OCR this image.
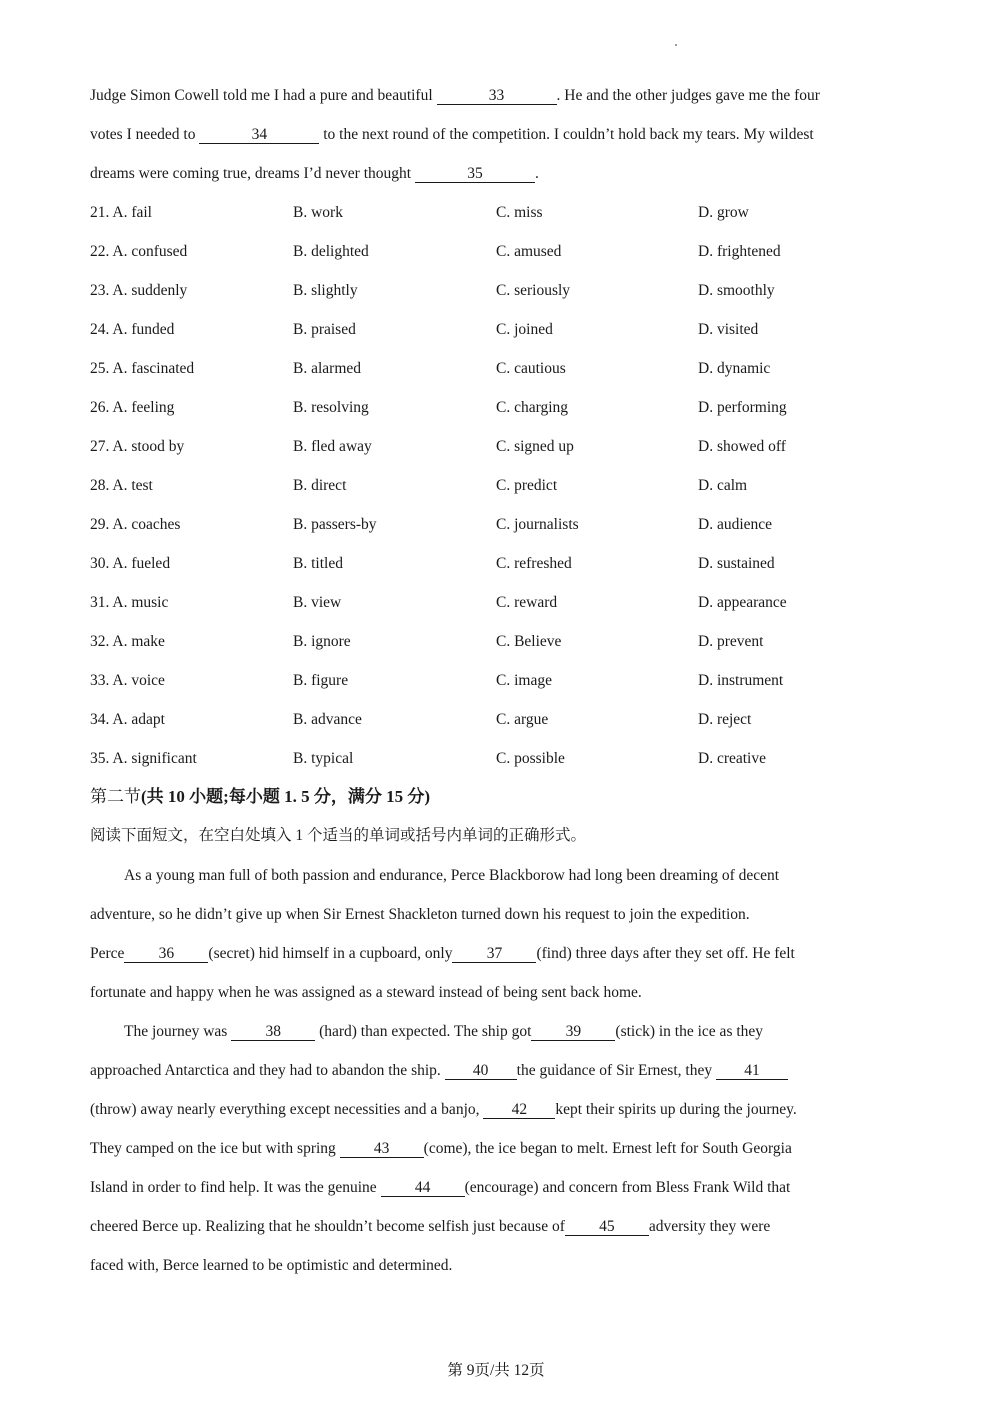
Judge Simon Cowell told me I had a pure and beautiful	33	. He and the other judges gave me the four
votes I needed to	34	to the next round of the competition. I couldn’t hold back my tears. My wildest
dreams were coming true, dreams I’d never thought	35	.
21. A. fail	B. work	C. miss	D. grow
22. A. confused	B. delighted	C. amused	D. frightened
23. A. suddenly	B. slightly	C. seriously	D. smoothly
24. A. funded	B. praised	C. joined	D. visited
25. A. fascinated	B. alarmed	C. cautious	D. dynamic
26. A. feeling	B. resolving	C. charging	D. performing
27. A. stood by	B. fled away	C. signed up	D. showed off
28. A. test	B. direct	C. predict	D. calm
29. A. coaches	B. passers-by	C. journalists	D. audience
30. A. fueled	B. titled	C. refreshed	D. sustained
31. A. music	B. view	C. reward	D. appearance
32. A. make	B. ignore	C. Believe	D. prevent
33. A. voice	B. figure	C. image	D. instrument
34. A. adapt	B. advance	C. argue	D. reject
35. A. significant	B. typical	C. possible	D. creative
第二节(共 10 小题;每小题 1. 5 分，满分 15 分)
阅读下面短文，在空白处填入 1 个适当的单词或括号内单词的正确形式。
As a young man full of both passion and endurance, Perce Blackborow had long been dreaming of decent
adventure, so he didn’t give up when Sir Ernest Shackleton turned down his request to join the expedition.
Perce 36 (secret) hid himself in a cupboard, only 37 (find) three days after they set off. He felt
fortunate and happy when he was assigned as a steward instead of being sent back home.
The journey was 38 (hard) than expected. The ship got 39 (stick) in the ice as they
approached Antarctica and they had to abandon the ship. 40 the guidance of Sir Ernest, they 41
(throw) away nearly everything except necessities and a banjo, 42 kept their spirits up during the journey.
They camped on the ice but with spring 43 (come), the ice began to melt. Ernest left for South Georgia
Island in order to find help. It was the genuine 44 (encourage) and concern from Bless Frank Wild that
cheered Berce up. Realizing that he shouldn’t become selfish just because of 45 adversity they were
faced with, Berce learned to be optimistic and determined.
第 9页/共 12页
